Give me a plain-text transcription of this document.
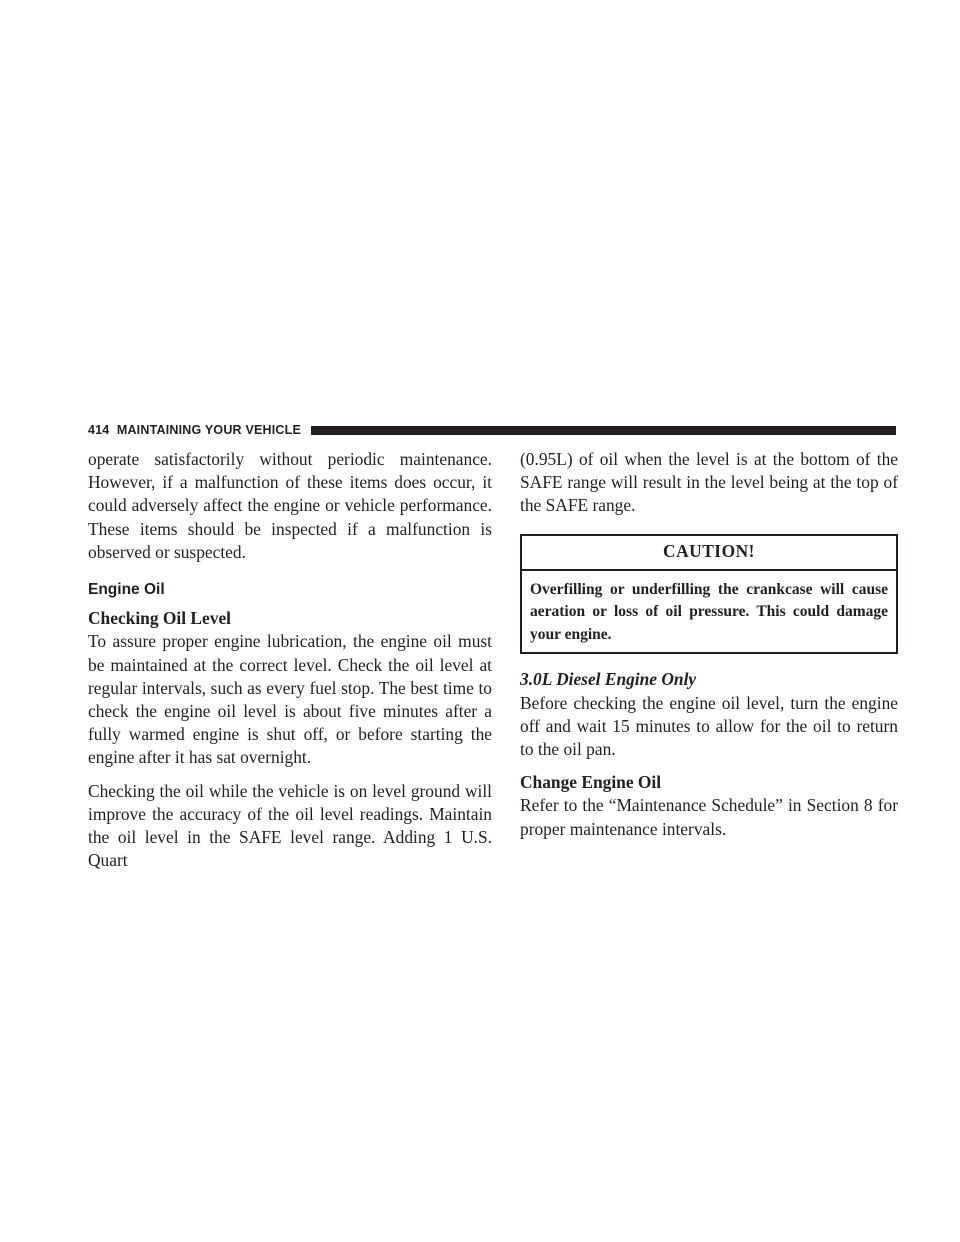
414 MAINTAINING YOUR VEHICLE

operate satisfactorily without periodic maintenance. However, if a malfunction of these items does occur, it could adversely affect the engine or vehicle performance. These items should be inspected if a malfunction is observed or suspected.

Engine Oil
Checking Oil Level

To assure proper engine lubrication, the engine oil must be maintained at the correct level. Check the oil level at regular intervals, such as every fuel stop. The best time to check the engine oil level is about five minutes after a fully warmed engine is shut off, or before starting the engine after it has sat overnight.

Checking the oil while the vehicle is on level ground will improve the accuracy of the oil level readings. Maintain the oil level in the SAFE level range. Adding 1 U.S. Quart

(0.95L) of oil when the level is at the bottom of the SAFE range will result in the level being at the top of the SAFE range.

CAUTION!
Overfilling or underfilling the crankcase will cause aeration or loss of oil pressure. This could damage your engine.
3.0L Diesel Engine Only

Before checking the engine oil level, turn the engine off and wait 15 minutes to allow for the oil to return to the oil pan.

Change Engine Oil

Refer to the “Maintenance Schedule” in Section 8 for proper maintenance intervals.
